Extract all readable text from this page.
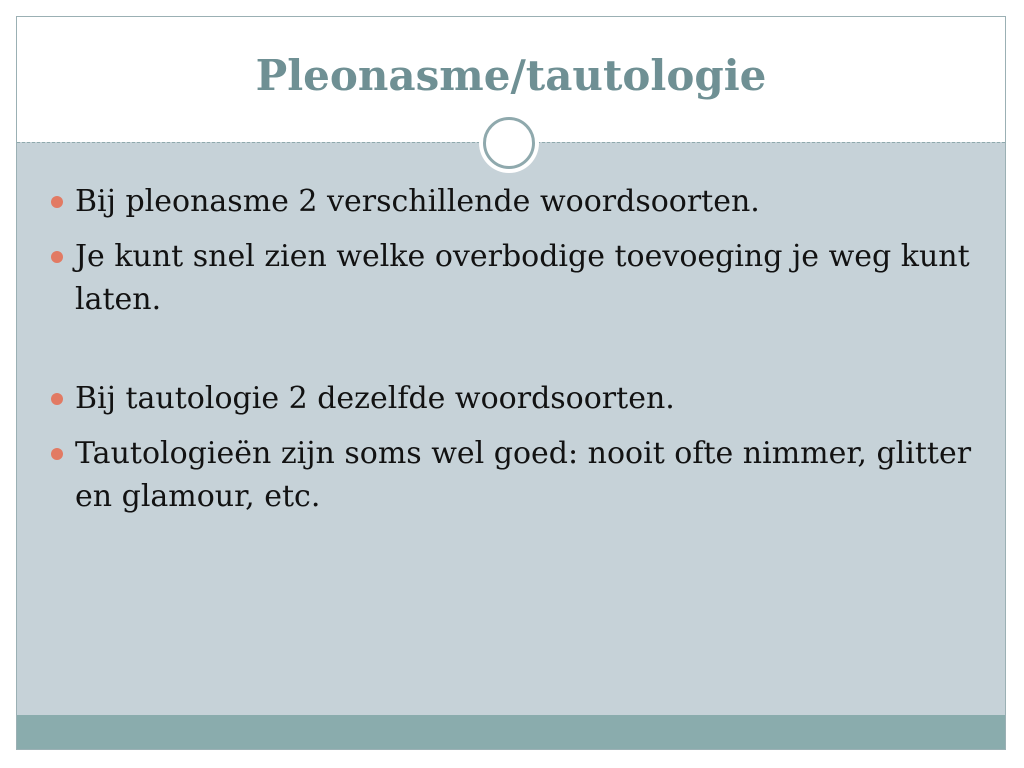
Pleonasme/tautologie
Bij pleonasme 2 verschillende woordsoorten.
Je kunt snel zien welke overbodige toevoeging je weg kunt laten.
Bij tautologie 2 dezelfde woordsoorten.
Tautologieën zijn soms wel goed: nooit ofte nimmer, glitter en glamour, etc.
